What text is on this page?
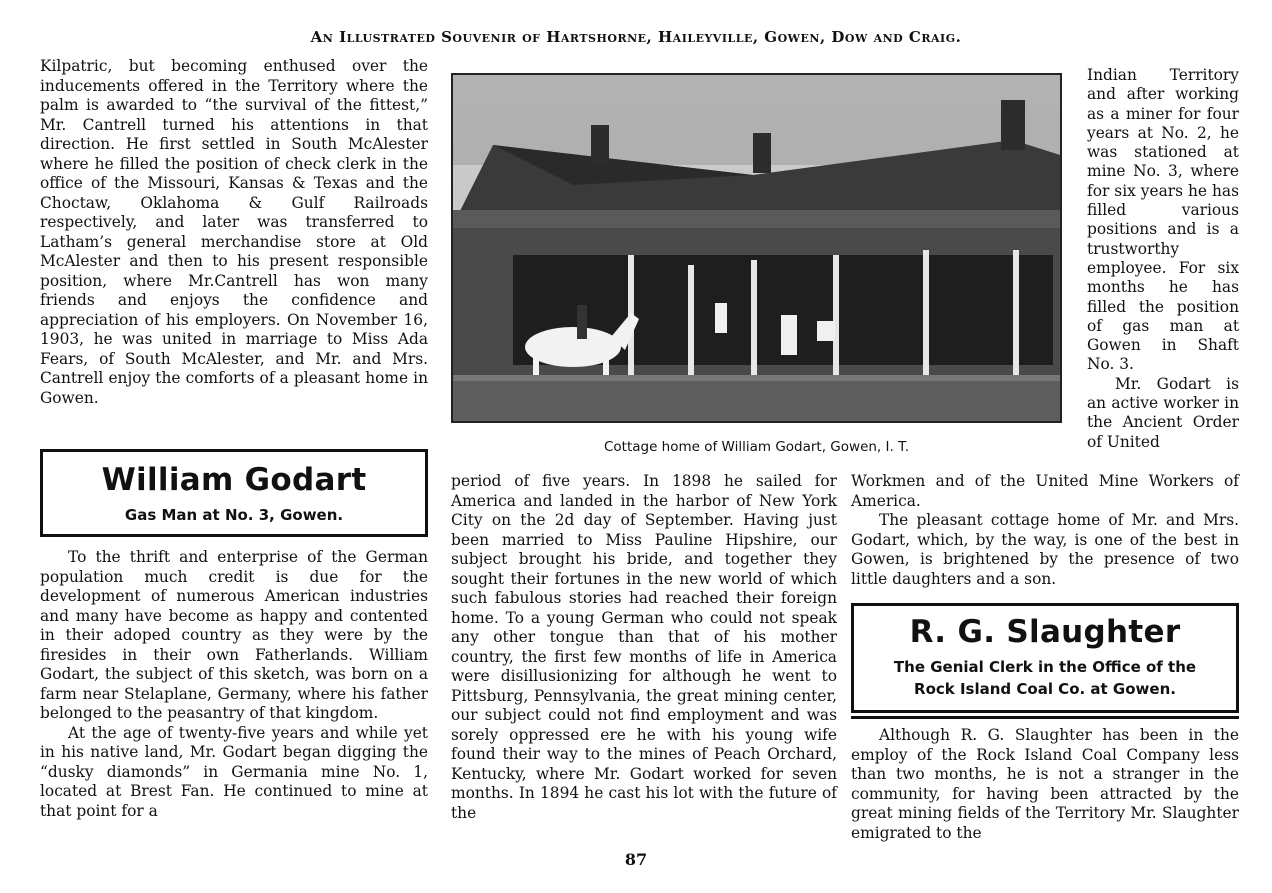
An Illustrated Souvenir of Hartshorne, Haileyville, Gowen, Dow and Craig.

Kilpatric, but becoming enthused over the inducements offered in the Territory where the palm is awarded to “the survival of the fittest,” Mr. Cantrell turned his attentions in that direction. He first settled in South McAlester where he filled the position of check clerk in the office of the Missouri, Kansas & Texas and the Choctaw, Oklahoma & Gulf Railroads respectively, and later was transferred to Latham’s general merchandise store at Old McAlester and then to his present responsible position, where Mr.Cantrell has won many friends and enjoys the confidence and appreciation of his employers. On November 16, 1903, he was united in marriage to Miss Ada Fears, of South McAlester, and Mr. and Mrs. Cantrell enjoy the comforts of a pleasant home in Gowen.

William Godart
Gas Man at No. 3, Gowen.

To the thrift and enterprise of the German population much credit is due for the development of numerous American industries and many have become as happy and contented in their adoped country as they were by the firesides in their own Fatherlands. William Godart, the subject of this sketch, was born on a farm near Stelaplane, Germany, where his father belonged to the peasantry of that kingdom.

At the age of twenty-five years and while yet in his native land, Mr. Godart began digging the “dusky diamonds” in Germania mine No. 1, located at Brest Fan. He continued to mine at that point for a

Cottage home of William Godart, Gowen, I. T.

period of five years. In 1898 he sailed for America and landed in the harbor of New York City on the 2d day of September. Having just been married to Miss Pauline Hipshire, our subject brought his bride, and together they sought their fortunes in the new world of which such fabulous stories had reached their foreign home. To a young German who could not speak any other tongue than that of his mother country, the first few months of life in America were disillusionizing for although he went to Pittsburg, Pennsylvania, the great mining center, our subject could not find employment and was sorely oppressed ere he with his young wife found their way to the mines of Peach Orchard, Kentucky, where Mr. Godart worked for seven months. In 1894 he cast his lot with the future of the

Indian Territory and after working as a miner for four years at No. 2, he was stationed at mine No. 3, where for six years he has filled various positions and is a trustworthy employee. For six months he has filled the position of gas man at Gowen in Shaft No. 3.

Mr. Godart is an active worker in the Ancient Order of United

Workmen and of the United Mine Workers of America.

The pleasant cottage home of Mr. and Mrs. Godart, which, by the way, is one of the best in Gowen, is brightened by the presence of two little daughters and a son.

R. G. Slaughter
The Genial Clerk in the Office of the
Rock Island Coal Co. at Gowen.

Although R. G. Slaughter has been in the employ of the Rock Island Coal Company less than two months, he is not a stranger in the community, for having been attracted by the great mining fields of the Territory Mr. Slaughter emigrated to the

87
